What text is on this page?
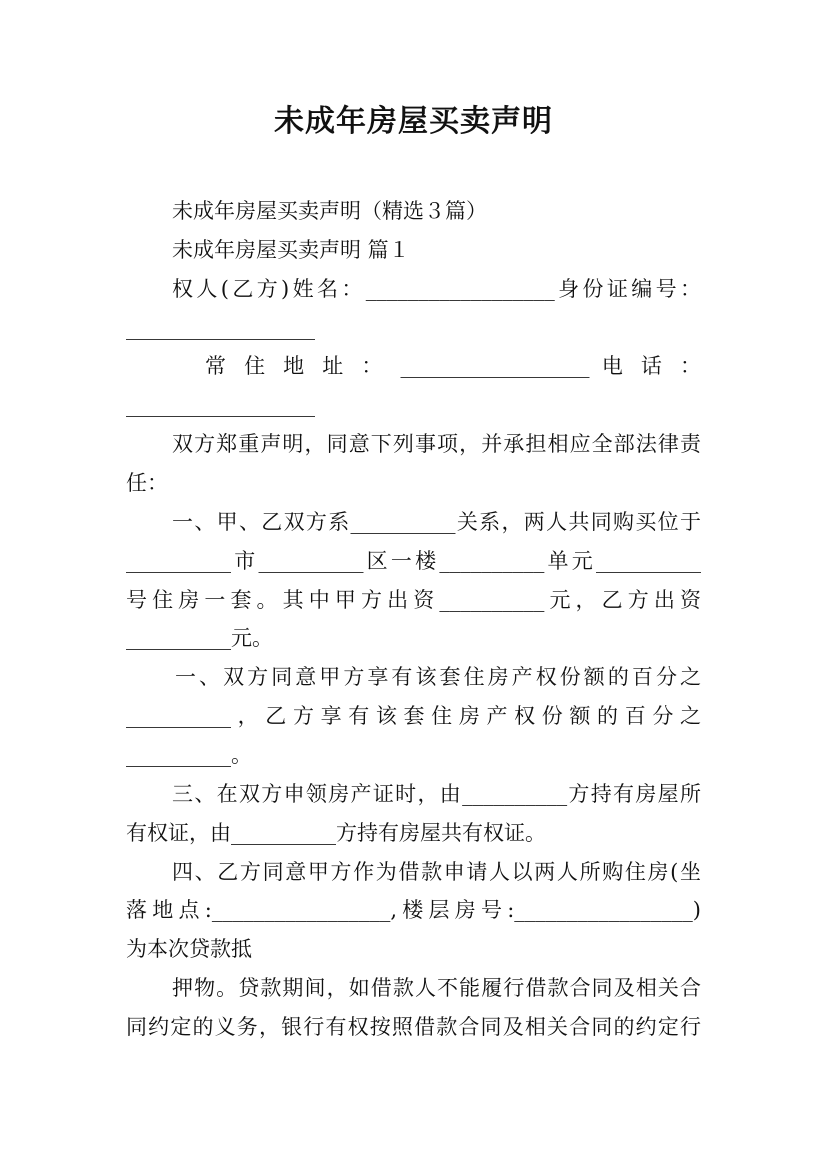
未成年房屋买卖声明
未成年房屋买卖声明（精选３篇）
未成年房屋买卖声明 篇１
权人(乙方)姓名：__________________身份证编号：
__________________
常 住 地 址 ： __________________ 电 话 ：
__________________
双方郑重声明，同意下列事项，并承担相应全部法律责
任：
一、甲、乙双方系__________关系，两人共同购买位于
__________市__________区一楼__________单元__________
号住房一套。其中甲方出资__________元，乙方出资
__________元。
一、双方同意甲方享有该套住房产权份额的百分之
__________，乙方享有该套住房产权份额的百分之
__________。
三、在双方申领房产证时，由__________方持有房屋所
有权证，由__________方持有房屋共有权证。
四、乙方同意甲方作为借款申请人以两人所购住房(坐
落地点:_________________,楼层房号:_________________)
为本次贷款抵
押物。贷款期间，如借款人不能履行借款合同及相关合
同约定的义务，银行有权按照借款合同及相关合同的约定行
